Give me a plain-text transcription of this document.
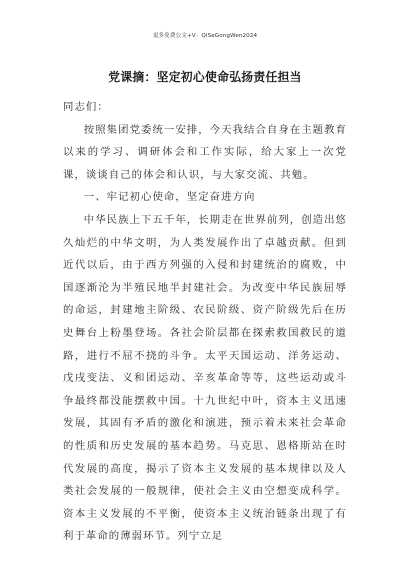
更多免费公文+V：QiSeGongWen2024
党课摘：坚定初心使命弘扬责任担当

同志们：

按照集团党委统一安排，今天我结合自身在主题教育以来的学习、调研体会和工作实际，给大家上一次党课，谈谈自己的体会和认识，与大家交流、共勉。

一、牢记初心使命，坚定奋进方向

中华民族上下五千年，长期走在世界前列，创造出悠久灿烂的中华文明，为人类发展作出了卓越贡献。但到近代以后，由于西方列强的入侵和封建统治的腐败，中国逐渐沦为半殖民地半封建社会。为改变中华民族屈辱的命运，封建地主阶级、农民阶级、资产阶级先后在历史舞台上粉墨登场。各社会阶层都在探索救国救民的道路，进行不屈不挠的斗争。太平天国运动、洋务运动、戊戌变法、义和团运动、辛亥革命等等，这些运动或斗争最终都没能摆救中国。十九世纪中叶，资本主义迅速发展，其固有矛盾的激化和演进，预示着未来社会革命的性质和历史发展的基本趋势。马克思、恩格斯站在时代发展的高度，揭示了资本主义发展的基本规律以及人类社会发展的一般规律，使社会主义由空想变成科学。资本主义发展的不平衡，使资本主义统治链条出现了有利于革命的薄弱环节。列宁立足
